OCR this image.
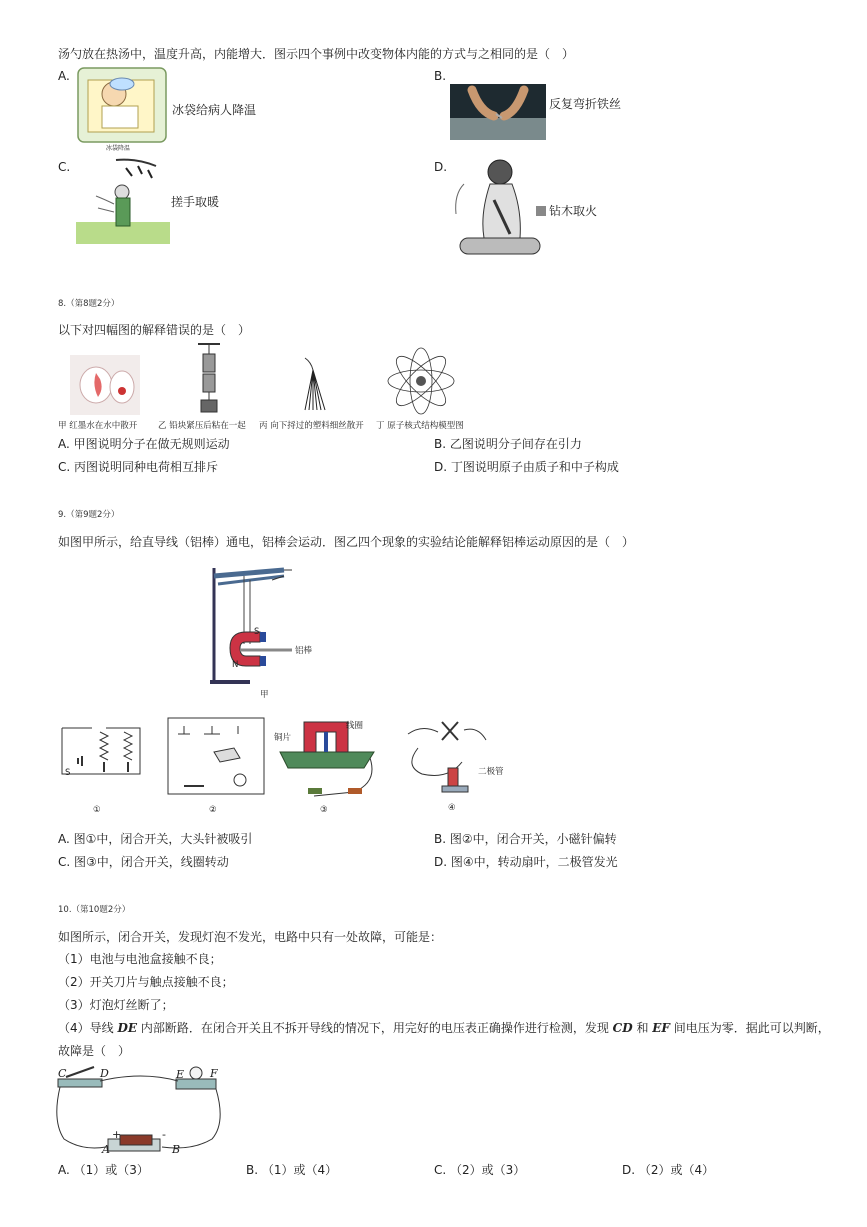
汤勺放在热汤中，温度升高，内能增大．图示四个事例中改变物体内能的方式与之相同的是（　）
A.
冰袋降温
冰袋给病人降温
B.
反复弯折铁丝
C.
搓手取暖
D.
钻木取火
8.（第8题2分）
以下对四幅图的解释错误的是（　）
甲 红墨水在水中散开 乙 铅块紧压后粘在一起 丙 向下捋过的塑料细丝散开 丁 原子核式结构模型图
A. 甲图说明分子在做无规则运动	B. 乙图说明分子间存在引力
C. 丙图说明同种电荷相互排斥	D. 丁图说明原子由质子和中子构成
9.（第9题2分）
如图甲所示，给直导线（铝棒）通电，铝棒会运动．图乙四个现象的实验结论能解释铝棒运动原因的是（　）
S
N
铝棒
甲
S
①	②
线圈
铜片
③
二极管
④
A. 图①中，闭合开关，大头针被吸引	B. 图②中，闭合开关，小磁针偏转
C. 图③中，闭合开关，线圈转动	D. 图④中，转动扇叶，二极管发光
10.（第10题2分）
如图所示，闭合开关，发现灯泡不发光，电路中只有一处故障，可能是：
（1）电池与电池盒接触不良；
（2）开关刀片与触点接触不良；
（3）灯泡灯丝断了；
（4）导线 DE 内部断路．在闭合开关且不拆开导线的情况下，用完好的电压表正确操作进行检测，发现 CD 和 EF 间电压为零．据此可以判断，
故障是（　）
C	D	E F
+	-
A	B
A. （1）或（3）	B. （1）或（4）	C. （2）或（3）	D. （2）或（4）
